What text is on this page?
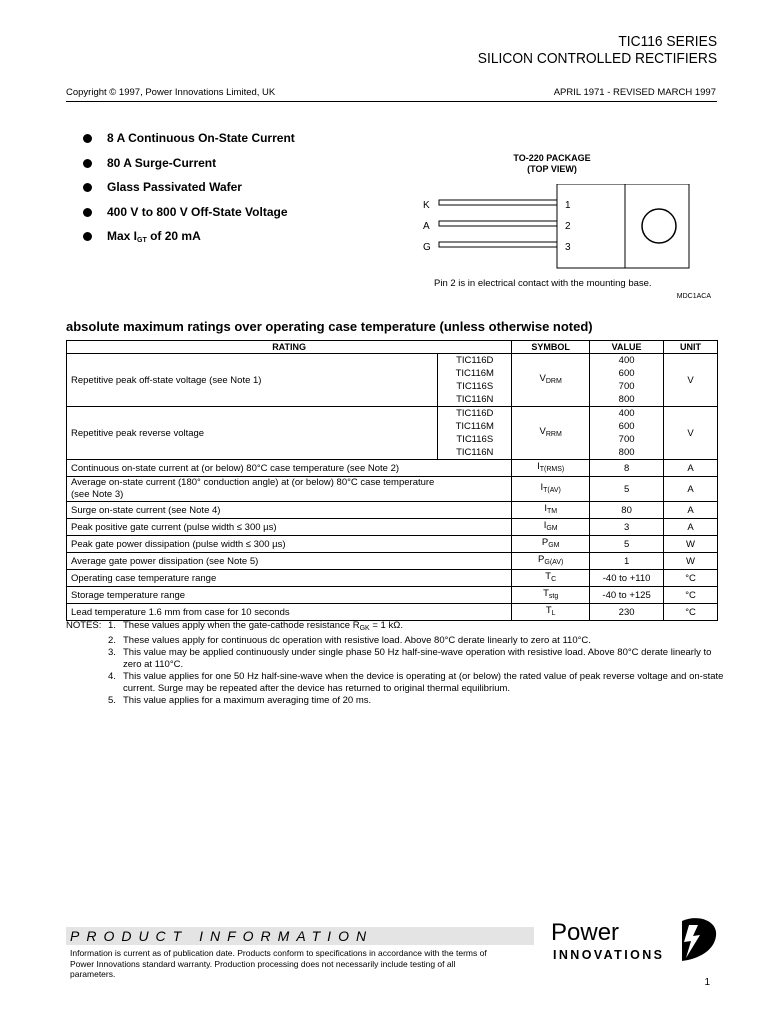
TIC116 SERIES
SILICON CONTROLLED RECTIFIERS
Copyright © 1997, Power Innovations Limited, UK	APRIL 1971 - REVISED MARCH 1997
8 A Continuous On-State Current
80 A Surge-Current
Glass Passivated Wafer
400 V to 800 V Off-State Voltage
Max $I_{GT}$ of 20 mA
TO-220 PACKAGE
(TOP VIEW)
K
A
G
1
2
3
Pin 2 is in electrical contact with the mounting base.
MDC1ACA
absolute maximum ratings over operating case temperature (unless otherwise noted)
RATING		SYMBOL	VALUE	UNIT
Repetitive peak off-state voltage (see Note 1)	TIC116D	$V_{DRM}$	400	V
	TIC116M		600	
	TIC116S		700	
	TIC116N		800	
Repetitive peak reverse voltage	TIC116D	$V_{RRM}$	400	V
	TIC116M		600	
	TIC116S		700	
	TIC116N		800	
Continuous on-state current at (or below) 80°C case temperature (see Note 2)		$I_{T(RMS)}$	8	A

Average on-state current (180° conduction angle) at (or below) 80°C case temperature
(see Note 3)		$I_{T(AV)}$	5	A
Surge on-state current (see Note 4)		$I_{TM}$	80	A
Peak positive gate current (pulse width ≤ 300 µs)		$I_{GM}$	3	A
Peak gate power dissipation (pulse width ≤ 300 µs)		$P_{GM}$	5	W
Average gate power dissipation (see Note 5)		$P_{G(AV)}$	1	W
Operating case temperature range		$T_C$	-40 to +110	°C
Storage temperature range		$T_{stg}$	-40 to +125	°C
Lead temperature 1.6 mm from case for 10 seconds		$T_L$	230	°C
NOTES: 1. These values apply when the gate-cathode resistance $R_{GK} = 1$ kΩ.
2. These values apply for continuous dc operation with resistive load. Above 80°C derate linearly to zero at 110°C.
3. This value may be applied continuously under single phase 50 Hz half-sine-wave operation with resistive load. Above 80°C derate linearly to zero at 110°C.
4. This value applies for one 50 Hz half-sine-wave when the device is operating at (or below) the rated value of peak reverse voltage and on-state current. Surge may be repeated after the device has returned to original thermal equilibrium.
5. This value applies for a maximum averaging time of 20 ms.
PRODUCT INFORMATION
Information is current as of publication date. Products conform to specifications in accordance with the terms of Power Innovations standard warranty. Production processing does not necessarily include testing of all parameters.
Power
INNOVATIONS
1
